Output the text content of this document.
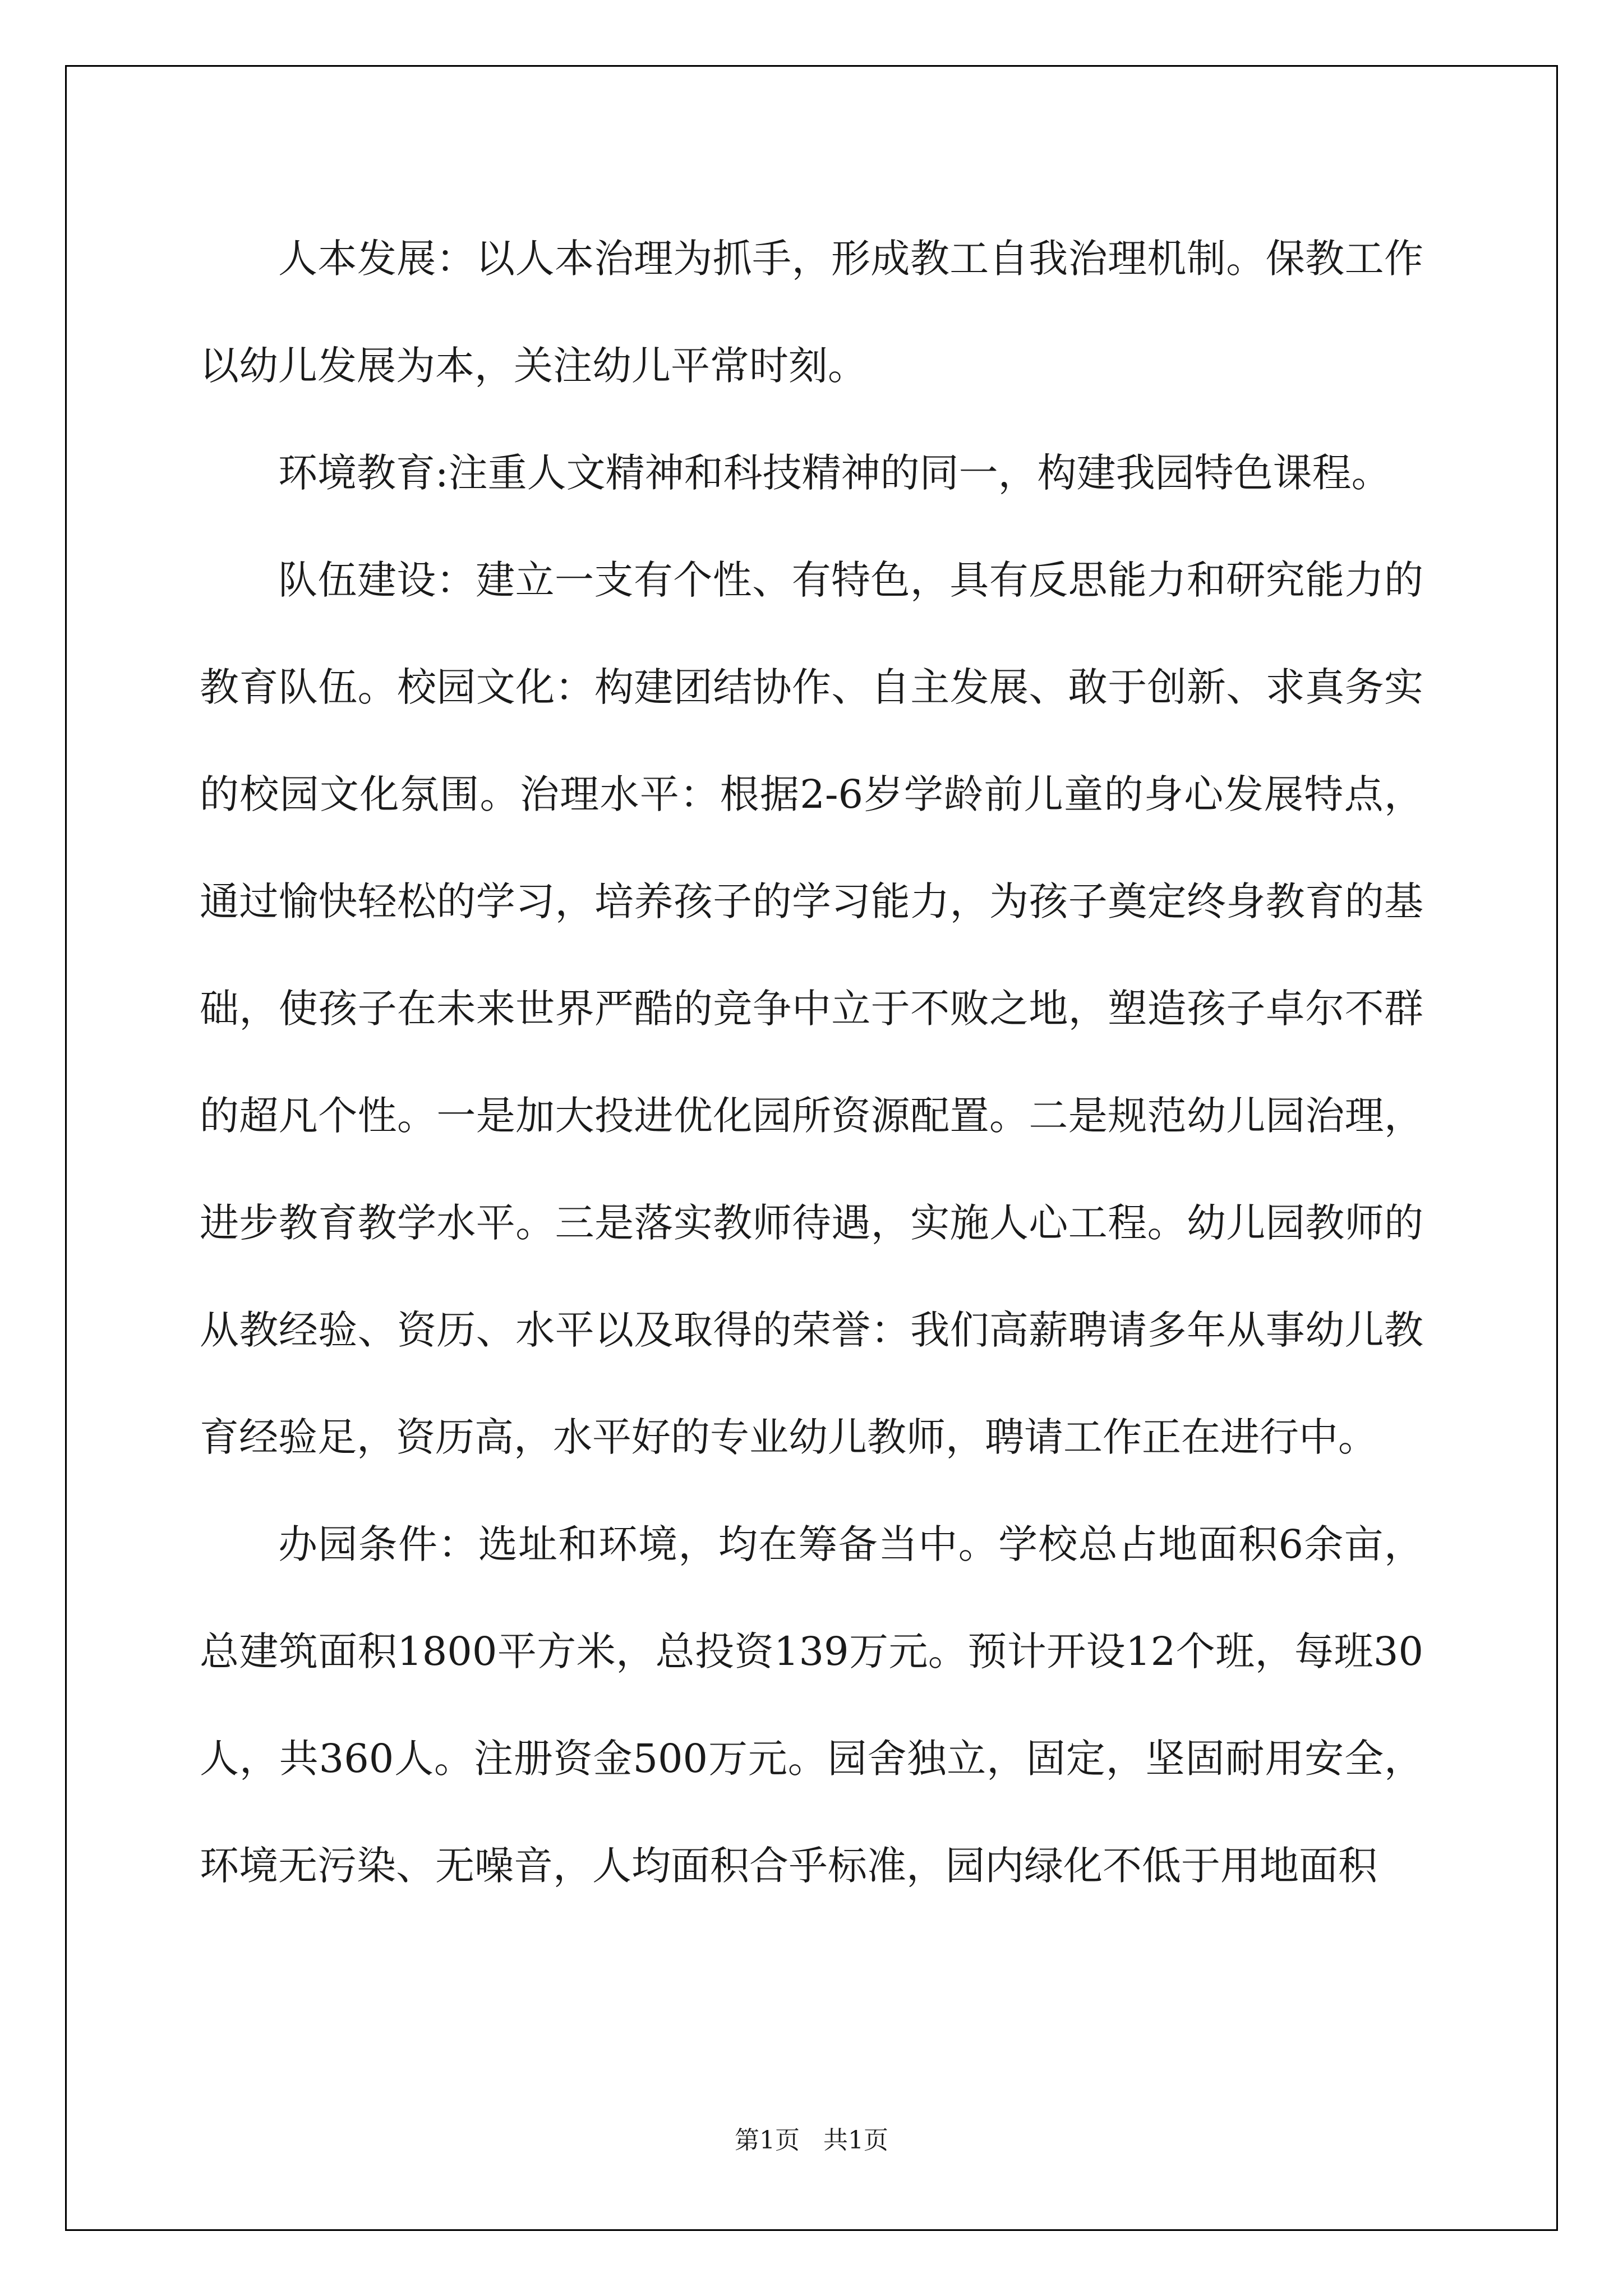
人本发展：以人本治理为抓手，形成教工自我治理机制。保教工作以幼儿发展为本，关注幼儿平常时刻。

环境教育:注重人文精神和科技精神的同一，构建我园特色课程。

队伍建设：建立一支有个性、有特色，具有反思能力和研究能力的教育队伍。校园文化：构建团结协作、自主发展、敢于创新、求真务实的校园文化氛围。治理水平：根据2-6岁学龄前儿童的身心发展特点，通过愉快轻松的学习，培养孩子的学习能力，为孩子奠定终身教育的基础，使孩子在未来世界严酷的竞争中立于不败之地，塑造孩子卓尔不群的超凡个性。一是加大投进优化园所资源配置。二是规范幼儿园治理，进步教育教学水平。三是落实教师待遇，实施人心工程。幼儿园教师的从教经验、资历、水平以及取得的荣誉：我们高薪聘请多年从事幼儿教育经验足，资历高，水平好的专业幼儿教师，聘请工作正在进行中。

办园条件：选址和环境，均在筹备当中。学校总占地面积6余亩，总建筑面积1800平方米，总投资139万元。预计开设12个班，每班30人，共360人。注册资金500万元。园舍独立，固定，坚固耐用安全，环境无污染、无噪音，人均面积合乎标准，园内绿化不低于用地面积

第1页   共1页
